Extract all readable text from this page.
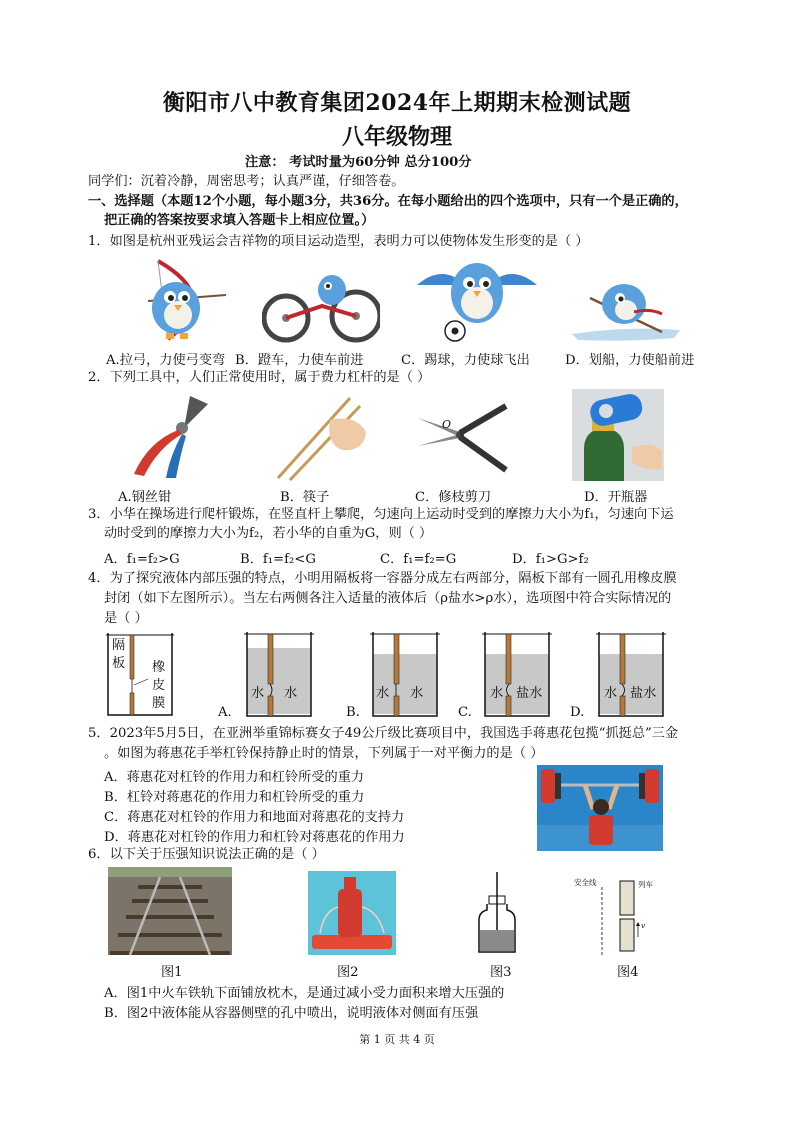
衡阳市八中教育集团2024年上期期末检测试题
八年级物理
注意： 考试时量为60分钟 总分100分
同学们：沉着冷静，周密思考；认真严谨，仔细答卷。
一、选择题（本题12个小题，每小题3分，共36分。在每小题给出的四个选项中，只有一个是正确的，
把正确的答案按要求填入答题卡上相应位置。）
1．如图是杭州亚残运会吉祥物的项目运动造型，表明力可以使物体发生形变的是（ ）
A.拉弓，力使弓变弯 B．蹬车，力使车前进	C．踢球，力使球飞出	D．划船，力使船前进
2．下列工具中，人们正常使用时，属于费力杠杆的是（ ）
O
A.钢丝钳	B．筷子	C．修枝剪刀	D．开瓶器
3．小华在操场进行爬杆锻炼，在竖直杆上攀爬，匀速向上运动时受到的摩擦力大小为f₁，匀速向下运
动时受到的摩擦力大小为f₂，若小华的自重为G，则（ ）
A．f₁=f₂>G	B．f₁=f₂<G	C．f₁=f₂=G	D．f₁>G>f₂
4．为了探究液体内部压强的特点，小明用隔板将一容器分成左右两部分，隔板下部有一圆孔用橡皮膜
封闭（如下左图所示）。当左右两侧各注入适量的液体后（ρ盐水>ρ水），选项图中符合实际情况的
是（ ）
隔
板 橡
皮
膜
水 水
A.
水 水
B.
水 盐水
C.
水 盐水
D.
5．2023年5月5日，在亚洲举重锦标赛女子49公斤级比赛项目中，我国选手蒋惠花包揽“抓挺总”三金
。如图为蒋惠花手举杠铃保持静止时的情景，下列属于一对平衡力的是（ ）
A．蒋惠花对杠铃的作用力和杠铃所受的重力
B．杠铃对蒋惠花的作用力和杠铃所受的重力
C．蒋惠花对杠铃的作用力和地面对蒋惠花的支持力
D．蒋惠花对杠铃的作用力和杠铃对蒋惠花的作用力
6．以下关于压强知识说法正确的是（ ）
安全线	列车
v
图1	图2	图3	图4
A．图1中火车铁轨下面铺放枕木，是通过减小受力面积来增大压强的
B．图2中液体能从容器侧壁的孔中喷出，说明液体对侧面有压强
第 1 页 共 4 页
